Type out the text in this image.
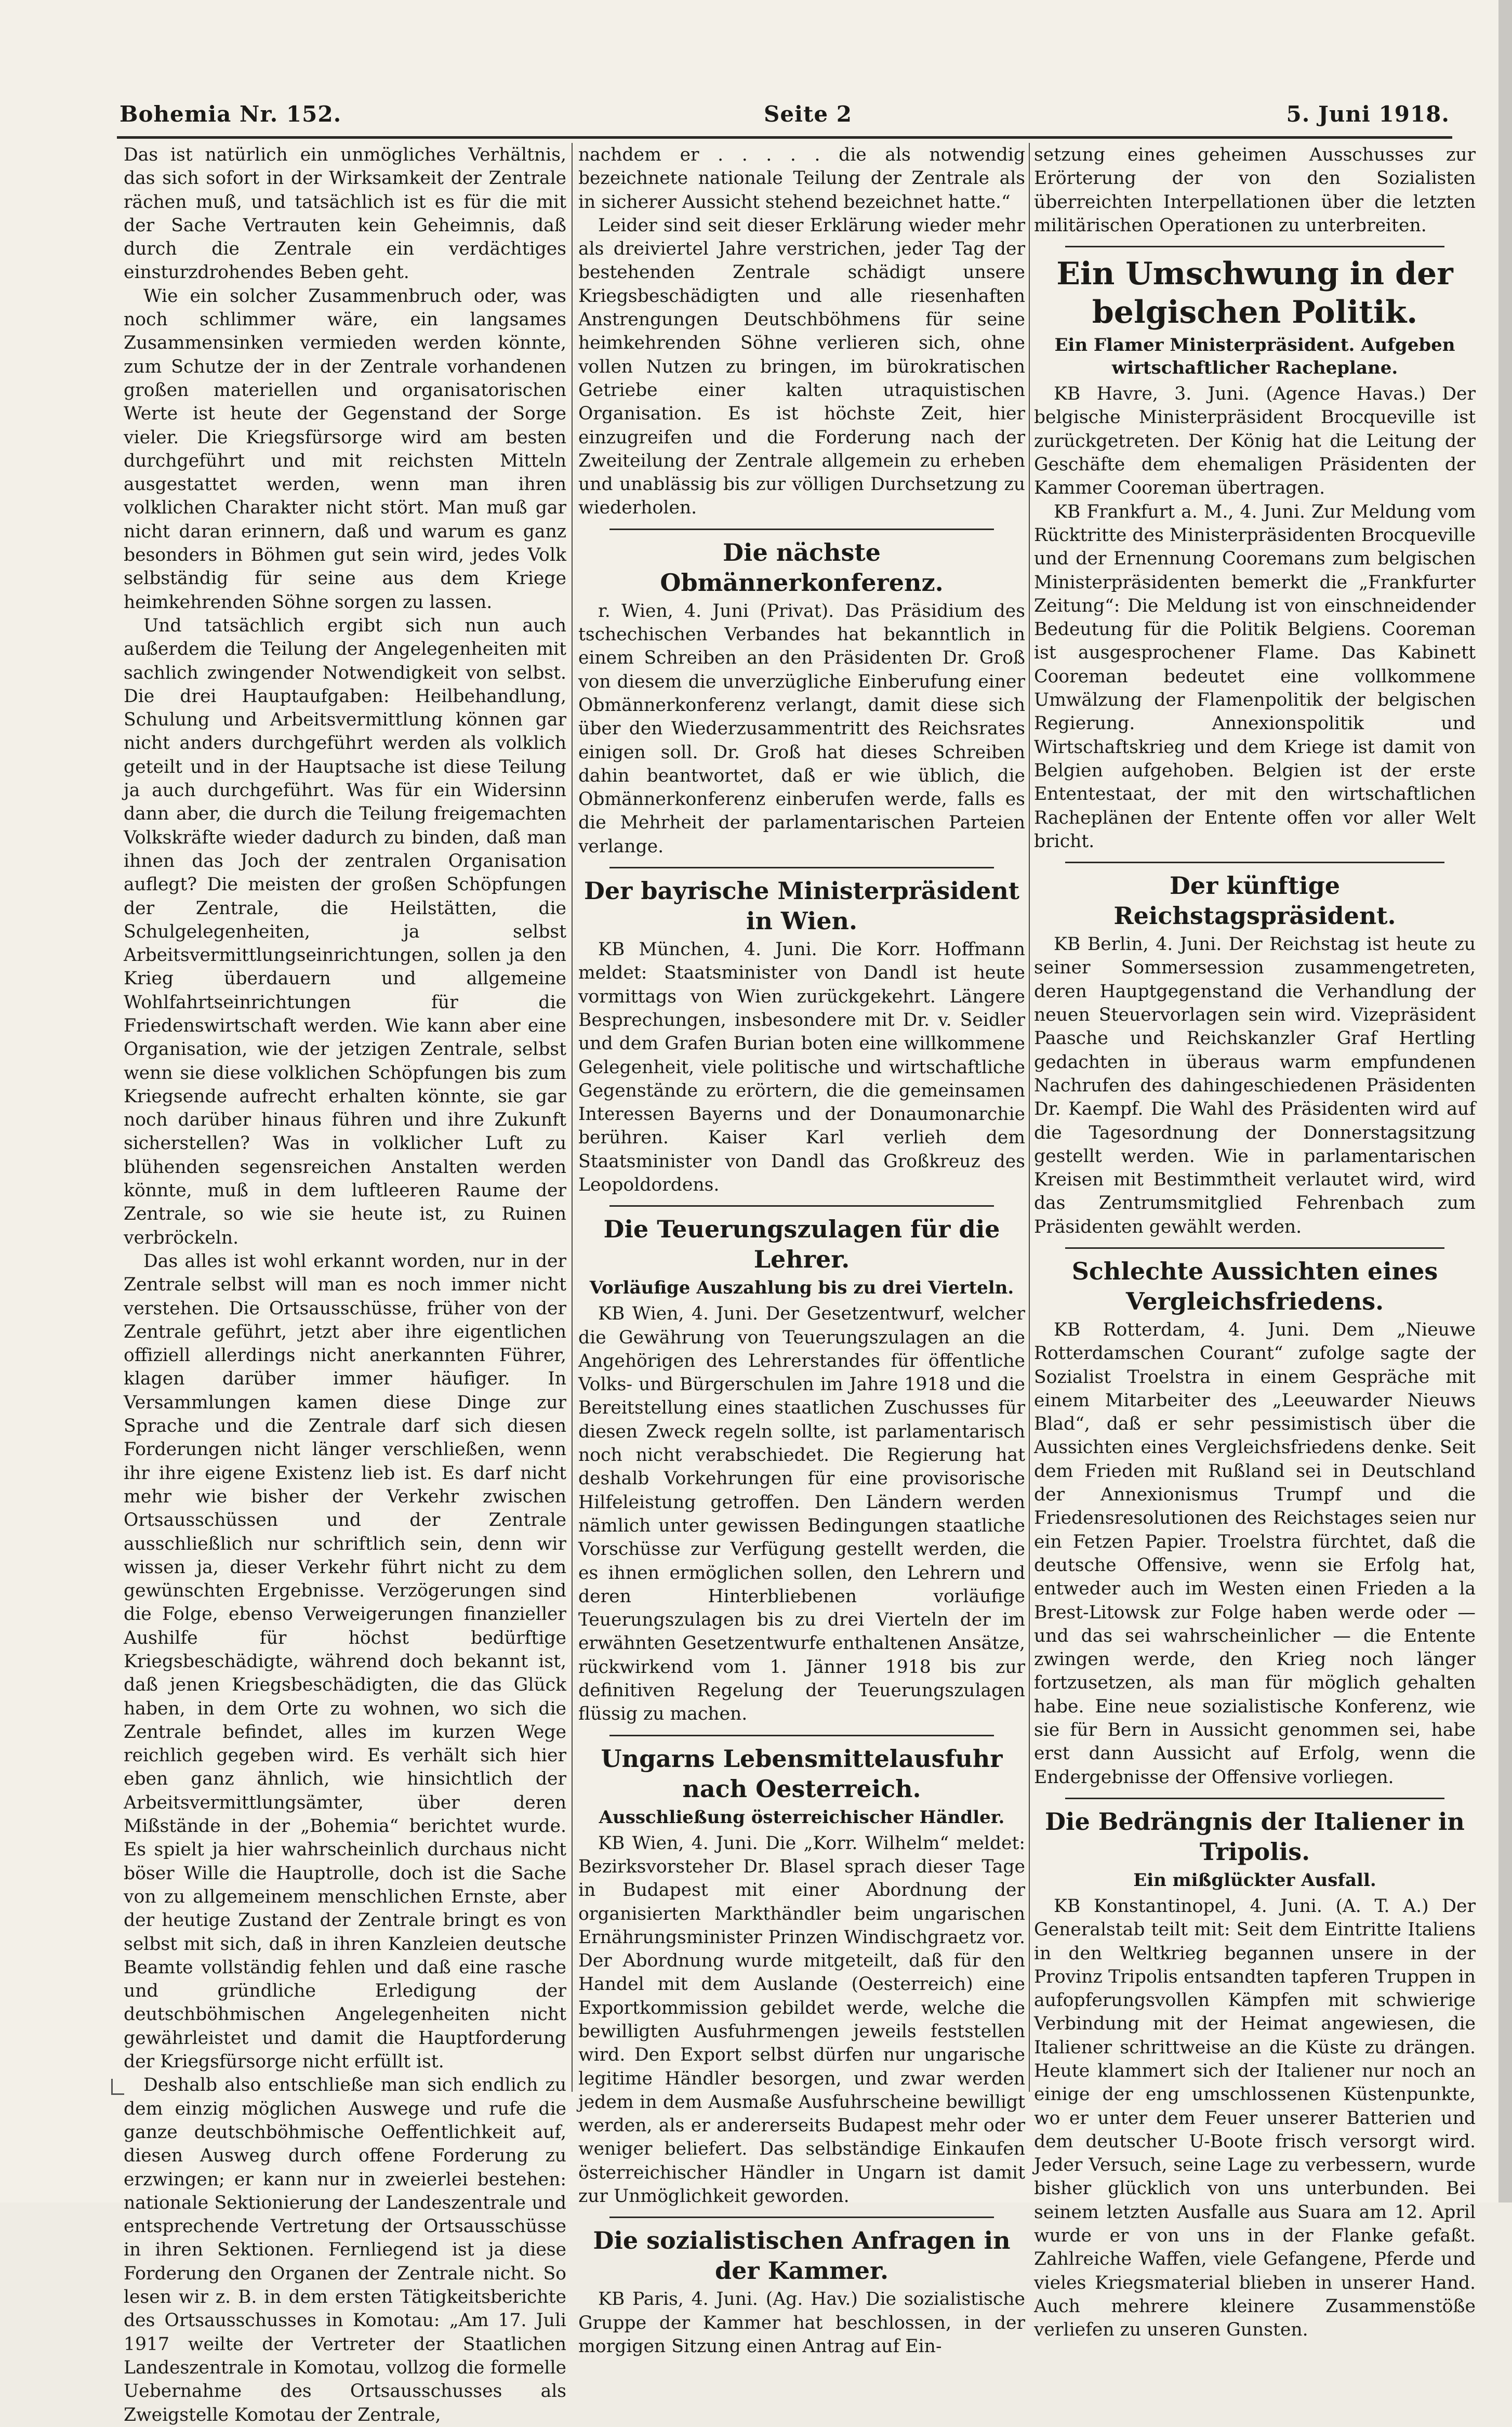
Bohemia Nr. 152.	Seite 2	5. Juni 1918.

Das ist natürlich ein unmögliches Verhältnis, das sich sofort in der Wirksamkeit der Zentrale rächen muß, und tatsächlich ist es für die mit der Sache Vertrauten kein Geheimnis, daß durch die Zentrale ein verdächtiges einsturzdrohendes Beben geht.

Wie ein solcher Zusammenbruch oder, was noch schlimmer wäre, ein langsames Zusammensinken vermieden werden könnte, zum Schutze der in der Zentrale vorhandenen großen materiellen und organisatorischen Werte ist heute der Gegenstand der Sorge vieler. Die Kriegsfürsorge wird am besten durchgeführt und mit reichsten Mitteln ausgestattet werden, wenn man ihren volklichen Charakter nicht stört. Man muß gar nicht daran erinnern, daß und warum es ganz besonders in Böhmen gut sein wird, jedes Volk selbständig für seine aus dem Kriege heimkehrenden Söhne sorgen zu lassen.

Und tatsächlich ergibt sich nun auch außerdem die Teilung der Angelegenheiten mit sachlich zwingender Notwendigkeit von selbst. Die drei Hauptaufgaben: Heilbehandlung, Schulung und Arbeitsvermittlung können gar nicht anders durchgeführt werden als volklich geteilt und in der Hauptsache ist diese Teilung ja auch durchgeführt. Was für ein Widersinn dann aber, die durch die Teilung freigemachten Volkskräfte wieder dadurch zu binden, daß man ihnen das Joch der zentralen Organisation auflegt? Die meisten der großen Schöpfungen der Zentrale, die Heilstätten, die Schulgelegenheiten, ja selbst Arbeitsvermittlungseinrichtungen, sollen ja den Krieg überdauern und allgemeine Wohlfahrtseinrichtungen für die Friedenswirtschaft werden. Wie kann aber eine Organisation, wie der jetzigen Zentrale, selbst wenn sie diese volklichen Schöpfungen bis zum Kriegsende aufrecht erhalten könnte, sie gar noch darüber hinaus führen und ihre Zukunft sicherstellen? Was in volklicher Luft zu blühenden segensreichen Anstalten werden könnte, muß in dem luftleeren Raume der Zentrale, so wie sie heute ist, zu Ruinen verbröckeln.

Das alles ist wohl erkannt worden, nur in der Zentrale selbst will man es noch immer nicht verstehen. Die Ortsausschüsse, früher von der Zentrale geführt, jetzt aber ihre eigentlichen offiziell allerdings nicht anerkannten Führer, klagen darüber immer häufiger. In Versammlungen kamen diese Dinge zur Sprache und die Zentrale darf sich diesen Forderungen nicht länger verschließen, wenn ihr ihre eigene Existenz lieb ist. Es darf nicht mehr wie bisher der Verkehr zwischen Ortsausschüssen und der Zentrale ausschließlich nur schriftlich sein, denn wir wissen ja, dieser Verkehr führt nicht zu dem gewünschten Ergebnisse. Verzögerungen sind die Folge, ebenso Verweigerungen finanzieller Aushilfe für höchst bedürftige Kriegsbeschädigte, während doch bekannt ist, daß jenen Kriegsbeschädigten, die das Glück haben, in dem Orte zu wohnen, wo sich die Zentrale befindet, alles im kurzen Wege reichlich gegeben wird. Es verhält sich hier eben ganz ähnlich, wie hinsichtlich der Arbeitsvermittlungsämter, über deren Mißstände in der „Bohemia“ berichtet wurde. Es spielt ja hier wahrscheinlich durchaus nicht böser Wille die Hauptrolle, doch ist die Sache von zu allgemeinem menschlichen Ernste, aber der heutige Zustand der Zentrale bringt es von selbst mit sich, daß in ihren Kanzleien deutsche Beamte vollständig fehlen und daß eine rasche und gründliche Erledigung der deutschböhmischen Angelegenheiten nicht gewährleistet und damit die Hauptforderung der Kriegsfürsorge nicht erfüllt ist.

Deshalb also entschließe man sich endlich zu dem einzig möglichen Auswege und rufe die ganze deutschböhmische Oeffentlichkeit auf, diesen Ausweg durch offene Forderung zu erzwingen; er kann nur in zweierlei bestehen: nationale Sektionierung der Landeszentrale und entsprechende Vertretung der Ortsausschüsse in ihren Sektionen. Fernliegend ist ja diese Forderung den Organen der Zentrale nicht. So lesen wir z. B. in dem ersten Tätigkeitsberichte des Ortsausschusses in Komotau: „Am 17. Juli 1917 weilte der Vertreter der Staatlichen Landeszentrale in Komotau, vollzog die formelle Uebernahme des Ortsausschusses als Zweigstelle Komotau der Zentrale,

nachdem er . . . . . die als notwendig bezeichnete nationale Teilung der Zentrale als in sicherer Aussicht stehend bezeichnet hatte.“

Leider sind seit dieser Erklärung wieder mehr als dreiviertel Jahre verstrichen, jeder Tag der bestehenden Zentrale schädigt unsere Kriegsbeschädigten und alle riesenhaften Anstrengungen Deutschböhmens für seine heimkehrenden Söhne verlieren sich, ohne vollen Nutzen zu bringen, im bürokratischen Getriebe einer kalten utraquistischen Organisation. Es ist höchste Zeit, hier einzugreifen und die Forderung nach der Zweiteilung der Zentrale allgemein zu erheben und unablässig bis zur völligen Durchsetzung zu wiederholen.

Die nächste Obmännerkonferenz.

r. Wien, 4. Juni (Privat). Das Präsidium des tschechischen Verbandes hat bekanntlich in einem Schreiben an den Präsidenten Dr. Groß von diesem die unverzügliche Einberufung einer Obmännerkonferenz verlangt, damit diese sich über den Wiederzusammentritt des Reichsrates einigen soll. Dr. Groß hat dieses Schreiben dahin beantwortet, daß er wie üblich, die Obmännerkonferenz einberufen werde, falls es die Mehrheit der parlamentarischen Parteien verlange.

Der bayrische Ministerpräsident in Wien.

KB München, 4. Juni. Die Korr. Hoffmann meldet: Staatsminister von Dandl ist heute vormittags von Wien zurückgekehrt. Längere Besprechungen, insbesondere mit Dr. v. Seidler und dem Grafen Burian boten eine willkommene Gelegenheit, viele politische und wirtschaftliche Gegenstände zu erörtern, die die gemeinsamen Interessen Bayerns und der Donaumonarchie berühren. Kaiser Karl verlieh dem Staatsminister von Dandl das Großkreuz des Leopoldordens.

Die Teuerungszulagen für die Lehrer.
Vorläufige Auszahlung bis zu drei Vierteln.

KB Wien, 4. Juni. Der Gesetzentwurf, welcher die Gewährung von Teuerungszulagen an die Angehörigen des Lehrerstandes für öffentliche Volks- und Bürgerschulen im Jahre 1918 und die Bereitstellung eines staatlichen Zuschusses für diesen Zweck regeln sollte, ist parlamentarisch noch nicht verabschiedet. Die Regierung hat deshalb Vorkehrungen für eine provisorische Hilfeleistung getroffen. Den Ländern werden nämlich unter gewissen Bedingungen staatliche Vorschüsse zur Verfügung gestellt werden, die es ihnen ermöglichen sollen, den Lehrern und deren Hinterbliebenen vorläufige Teuerungszulagen bis zu drei Vierteln der im erwähnten Gesetzentwurfe enthaltenen Ansätze, rückwirkend vom 1. Jänner 1918 bis zur definitiven Regelung der Teuerungszulagen flüssig zu machen.

Ungarns Lebensmittelausfuhr nach Oesterreich.
Ausschließung österreichischer Händler.

KB Wien, 4. Juni. Die „Korr. Wilhelm“ meldet: Bezirksvorsteher Dr. Blasel sprach dieser Tage in Budapest mit einer Abordnung der organisierten Markthändler beim ungarischen Ernährungsminister Prinzen Windischgraetz vor. Der Abordnung wurde mitgeteilt, daß für den Handel mit dem Auslande (Oesterreich) eine Exportkommission gebildet werde, welche die bewilligten Ausfuhrmengen jeweils feststellen wird. Den Export selbst dürfen nur ungarische legitime Händler besorgen, und zwar werden jedem in dem Ausmaße Ausfuhrscheine bewilligt werden, als er andererseits Budapest mehr oder weniger beliefert. Das selbständige Einkaufen österreichischer Händler in Ungarn ist damit zur Unmöglichkeit geworden.

Die sozialistischen Anfragen in der Kammer.

KB Paris, 4. Juni. (Ag. Hav.) Die sozialistische Gruppe der Kammer hat beschlossen, in der morgigen Sitzung einen Antrag auf Ein-

setzung eines geheimen Ausschusses zur Erörterung der von den Sozialisten überreichten Interpellationen über die letzten militärischen Operationen zu unterbreiten.

Ein Umschwung in der belgischen Politik.
Ein Flamer Ministerpräsident. Aufgeben wirtschaftlicher Racheplane.

KB Havre, 3. Juni. (Agence Havas.) Der belgische Ministerpräsident Brocqueville ist zurückgetreten. Der König hat die Leitung der Geschäfte dem ehemaligen Präsidenten der Kammer Cooreman übertragen.

KB Frankfurt a. M., 4. Juni. Zur Meldung vom Rücktritte des Ministerpräsidenten Brocqueville und der Ernennung Cooremans zum belgischen Ministerpräsidenten bemerkt die „Frankfurter Zeitung“: Die Meldung ist von einschneidender Bedeutung für die Politik Belgiens. Cooreman ist ausgesprochener Flame. Das Kabinett Cooreman bedeutet eine vollkommene Umwälzung der Flamenpolitik der belgischen Regierung. Annexionspolitik und Wirtschaftskrieg und dem Kriege ist damit von Belgien aufgehoben. Belgien ist der erste Ententestaat, der mit den wirtschaftlichen Racheplänen der Entente offen vor aller Welt bricht.

Der künftige Reichstagspräsident.

KB Berlin, 4. Juni. Der Reichstag ist heute zu seiner Sommersession zusammengetreten, deren Hauptgegenstand die Verhandlung der neuen Steuervorlagen sein wird. Vizepräsident Paasche und Reichskanzler Graf Hertling gedachten in überaus warm empfundenen Nachrufen des dahingeschiedenen Präsidenten Dr. Kaempf. Die Wahl des Präsidenten wird auf die Tagesordnung der Donnerstagsitzung gestellt werden. Wie in parlamentarischen Kreisen mit Bestimmtheit verlautet wird, wird das Zentrumsmitglied Fehrenbach zum Präsidenten gewählt werden.

Schlechte Aussichten eines Vergleichsfriedens.

KB Rotterdam, 4. Juni. Dem „Nieuwe Rotterdamschen Courant“ zufolge sagte der Sozialist Troelstra in einem Gespräche mit einem Mitarbeiter des „Leeuwarder Nieuws Blad“, daß er sehr pessimistisch über die Aussichten eines Vergleichsfriedens denke. Seit dem Frieden mit Rußland sei in Deutschland der Annexionismus Trumpf und die Friedensresolutionen des Reichstages seien nur ein Fetzen Papier. Troelstra fürchtet, daß die deutsche Offensive, wenn sie Erfolg hat, entweder auch im Westen einen Frieden a la Brest-Litowsk zur Folge haben werde oder — und das sei wahrscheinlicher — die Entente zwingen werde, den Krieg noch länger fortzusetzen, als man für möglich gehalten habe. Eine neue sozialistische Konferenz, wie sie für Bern in Aussicht genommen sei, habe erst dann Aussicht auf Erfolg, wenn die Endergebnisse der Offensive vorliegen.

Die Bedrängnis der Italiener in Tripolis.
Ein mißglückter Ausfall.

KB Konstantinopel, 4. Juni. (A. T. A.) Der Generalstab teilt mit: Seit dem Eintritte Italiens in den Weltkrieg begannen unsere in der Provinz Tripolis entsandten tapferen Truppen in aufopferungsvollen Kämpfen mit schwierige Verbindung mit der Heimat angewiesen, die Italiener schrittweise an die Küste zu drängen. Heute klammert sich der Italiener nur noch an einige der eng umschlossenen Küstenpunkte, wo er unter dem Feuer unserer Batterien und dem deutscher U-Boote frisch versorgt wird. Jeder Versuch, seine Lage zu verbessern, wurde bisher glücklich von uns unterbunden. Bei seinem letzten Ausfalle aus Suara am 12. April wurde er von uns in der Flanke gefaßt. Zahlreiche Waffen, viele Gefangene, Pferde und vieles Kriegsmaterial blieben in unserer Hand. Auch mehrere kleinere Zusammenstöße verliefen zu unseren Gunsten.
